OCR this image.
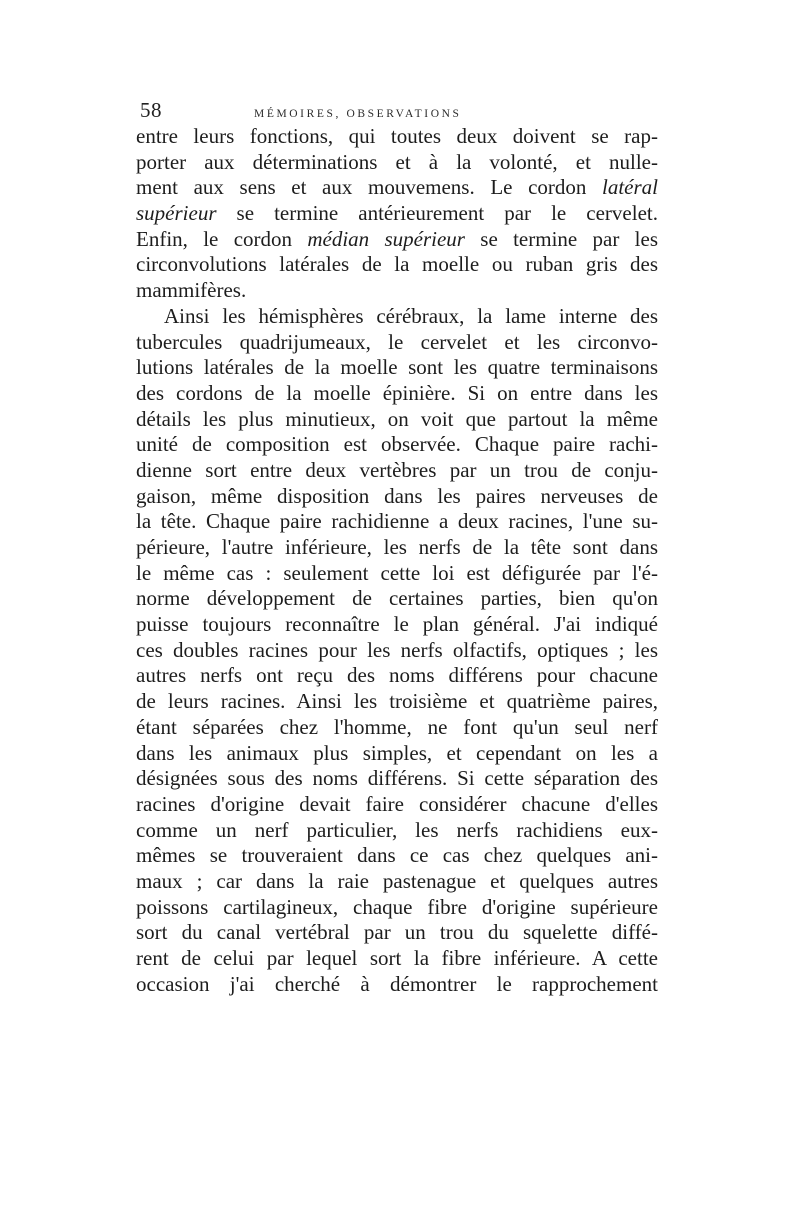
58	MÉMOIRES, OBSERVATIONS
entre leurs fonctions, qui toutes deux doivent se rap-
porter aux déterminations et à la volonté, et nulle-
ment aux sens et aux mouvemens. Le cordon latéral
supérieur se termine antérieurement par le cervelet.
Enfin, le cordon médian supérieur se termine par les
circonvolutions latérales de la moelle ou ruban gris des
mammifères.
Ainsi les hémisphères cérébraux, la lame interne des
tubercules quadrijumeaux, le cervelet et les circonvo-
lutions latérales de la moelle sont les quatre terminaisons
des cordons de la moelle épinière. Si on entre dans les
détails les plus minutieux, on voit que partout la même
unité de composition est observée. Chaque paire rachi-
dienne sort entre deux vertèbres par un trou de conju-
gaison, même disposition dans les paires nerveuses de
la tête. Chaque paire rachidienne a deux racines, l'une su-
périeure, l'autre inférieure, les nerfs de la tête sont dans
le même cas : seulement cette loi est défigurée par l'é-
norme développement de certaines parties, bien qu'on
puisse toujours reconnaître le plan général. J'ai indiqué
ces doubles racines pour les nerfs olfactifs, optiques ; les
autres nerfs ont reçu des noms différens pour chacune
de leurs racines. Ainsi les troisième et quatrième paires,
étant séparées chez l'homme, ne font qu'un seul nerf
dans les animaux plus simples, et cependant on les a
désignées sous des noms différens. Si cette séparation des
racines d'origine devait faire considérer chacune d'elles
comme un nerf particulier, les nerfs rachidiens eux-
mêmes se trouveraient dans ce cas chez quelques ani-
maux ; car dans la raie pastenague et quelques autres
poissons cartilagineux, chaque fibre d'origine supérieure
sort du canal vertébral par un trou du squelette diffé-
rent de celui par lequel sort la fibre inférieure. A cette
occasion j'ai cherché à démontrer le rapprochement
